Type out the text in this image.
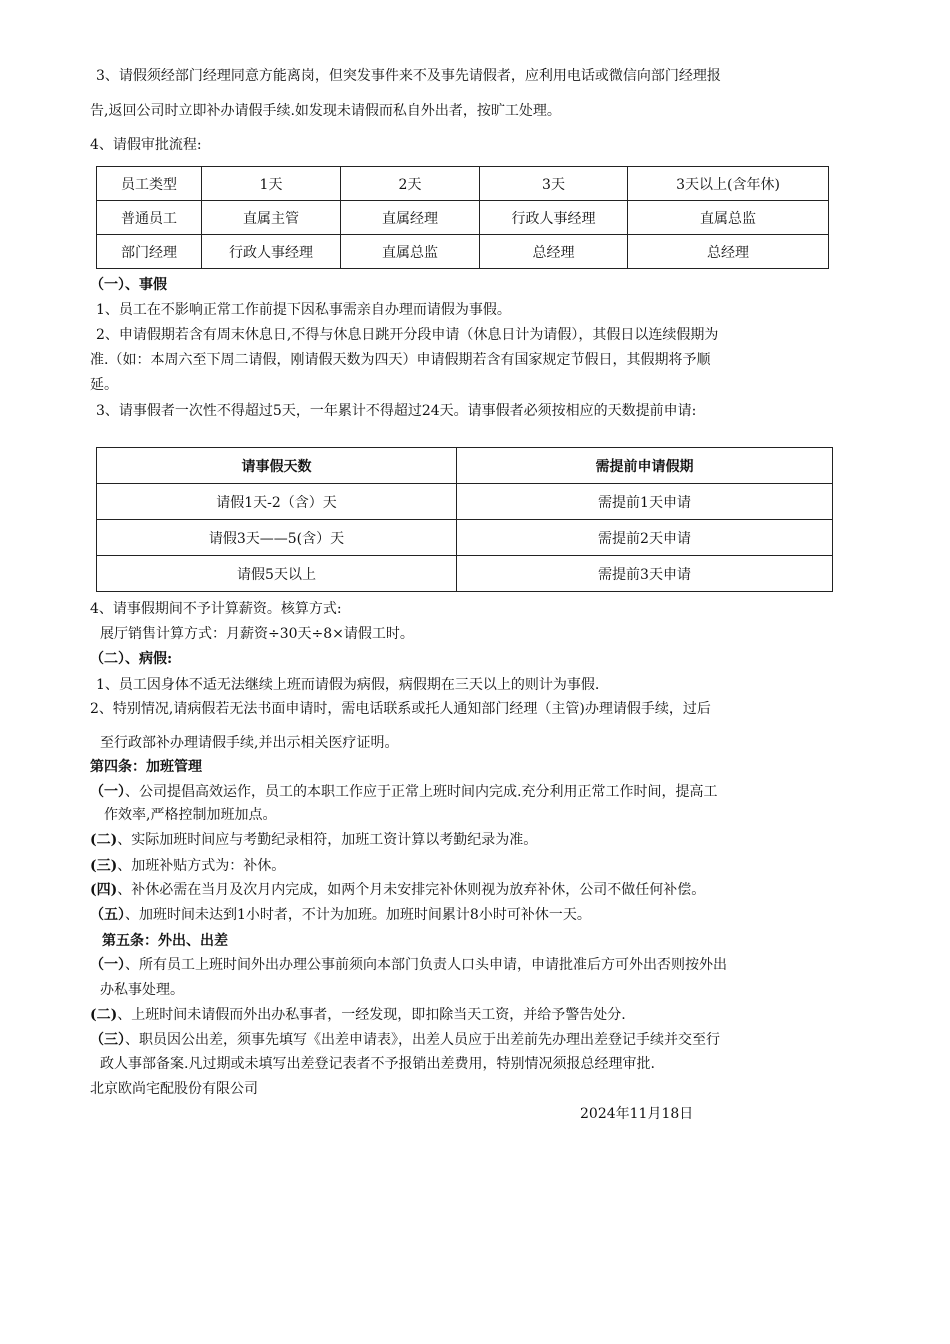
3、请假须经部门经理同意方能离岗，但突发事件来不及事先请假者，应利用电话或微信向部门经理报
告,返回公司时立即补办请假手续.如发现未请假而私自外出者，按旷工处理。
4、请假审批流程:
员工类型	1天	2天	3天	3天以上(含年休)
普通员工	直属主管	直属经理	行政人事经理	直属总监
部门经理	行政人事经理	直属总监	总经理	总经理
（一）、事假
1、员工在不影响正常工作前提下因私事需亲自办理而请假为事假。
2、申请假期若含有周末休息日,不得与休息日跳开分段申请（休息日计为请假），其假日以连续假期为
准.（如：本周六至下周二请假，刚请假天数为四天）申请假期若含有国家规定节假日，其假期将予顺
延。
3、请事假者一次性不得超过5天，一年累计不得超过24天。请事假者必须按相应的天数提前申请:
请事假天数	需提前申请假期
请假1天-2（含）天	需提前1天申请
请假3天——5(含）天	需提前2天申请
请假5天以上	需提前3天申请
4、请事假期间不予计算薪资。核算方式:
展厅销售计算方式：月薪资÷30天÷8×请假工时。
（二）、病假:
1、员工因身体不适无法继续上班而请假为病假，病假期在三天以上的则计为事假.
2、特别情况,请病假若无法书面申请时，需电话联系或托人通知部门经理（主管)办理请假手续，过后
至行政部补办理请假手续,并出示相关医疗证明。
第四条：加班管理
（一）、公司提倡高效运作，员工的本职工作应于正常上班时间内完成.充分利用正常工作时间，提高工
作效率,严格控制加班加点。
(二)、实际加班时间应与考勤纪录相符，加班工资计算以考勤纪录为准。
(三)、加班补贴方式为：补休。
(四)、补休必需在当月及次月内完成，如两个月未安排完补休则视为放弃补休，公司不做任何补偿。
（五）、加班时间未达到1小时者，不计为加班。加班时间累计8小时可补休一天。
第五条：外出、出差
（一）、所有员工上班时间外出办理公事前须向本部门负责人口头申请，申请批准后方可外出否则按外出
办私事处理。
(二)、上班时间未请假而外出办私事者，一经发现，即扣除当天工资，并给予警告处分.
（三）、职员因公出差，须事先填写《出差申请表》，出差人员应于出差前先办理出差登记手续并交至行
政人事部备案.凡过期或未填写出差登记表者不予报销出差费用，特别情况须报总经理审批.
北京欧尚宅配股份有限公司
2024年11月18日
